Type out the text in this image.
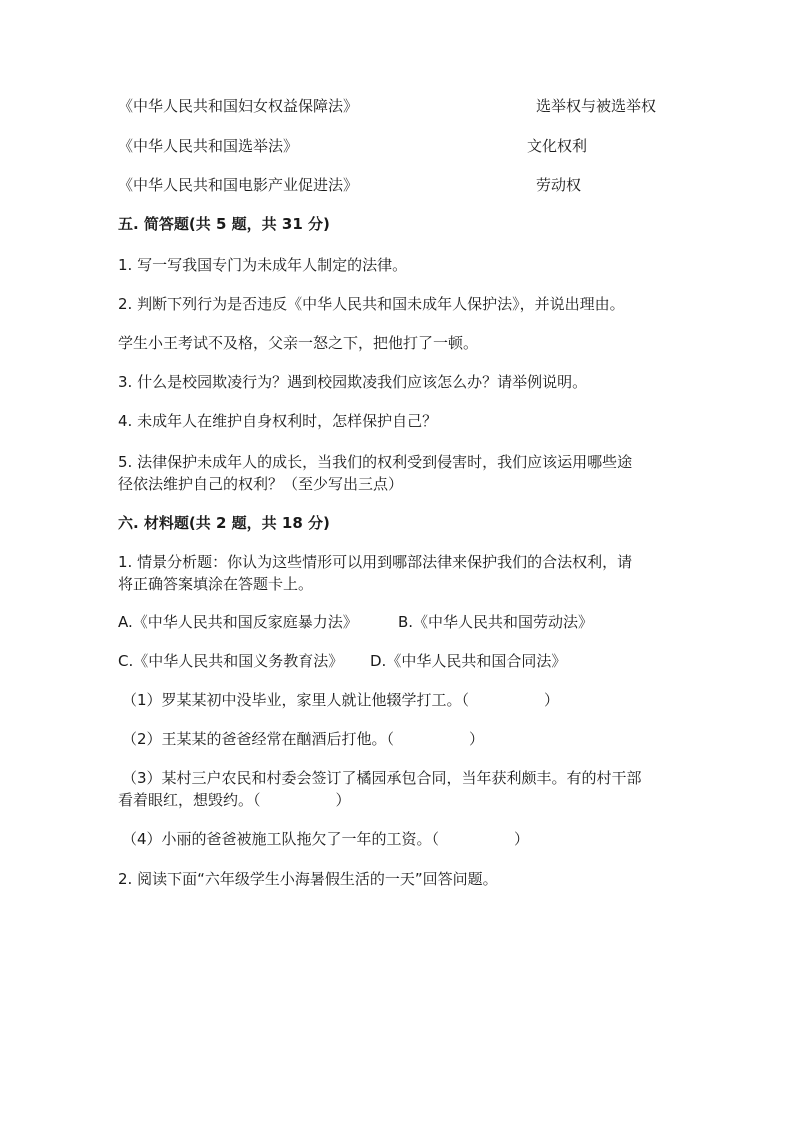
《中华人民共和国妇女权益保障法》	选举权与被选举权
《中华人民共和国选举法》	文化权利
《中华人民共和国电影产业促进法》	劳动权
五. 简答题(共 5 题，共 31 分)
1. 写一写我国专门为未成年人制定的法律。
2. 判断下列行为是否违反《中华人民共和国未成年人保护法》，并说出理由。
学生小王考试不及格，父亲一怒之下，把他打了一顿。
3. 什么是校园欺凌行为？遇到校园欺凌我们应该怎么办？请举例说明。
4. 未成年人在维护自身权利时，怎样保护自己？
5. 法律保护未成年人的成长，当我们的权利受到侵害时，我们应该运用哪些途
径依法维护自己的权利？（至少写出三点）
六. 材料题(共 2 题，共 18 分)
1. 情景分析题：你认为这些情形可以用到哪部法律来保护我们的合法权利，请
将正确答案填涂在答题卡上。
A.《中华人民共和国反家庭暴力法》	B.《中华人民共和国劳动法》
C.《中华人民共和国义务教育法》 D.《中华人民共和国合同法》
（1）罗某某初中没毕业，家里人就让他辍学打工。（　　　　　）
（2）王某某的爸爸经常在酗酒后打他。（　　　　　）
（3）某村三户农民和村委会签订了橘园承包合同，当年获利颇丰。有的村干部
看着眼红，想毁约。（　　　　　）
（4）小丽的爸爸被施工队拖欠了一年的工资。（　　　　　）
2. 阅读下面“六年级学生小海暑假生活的一天”回答问题。
